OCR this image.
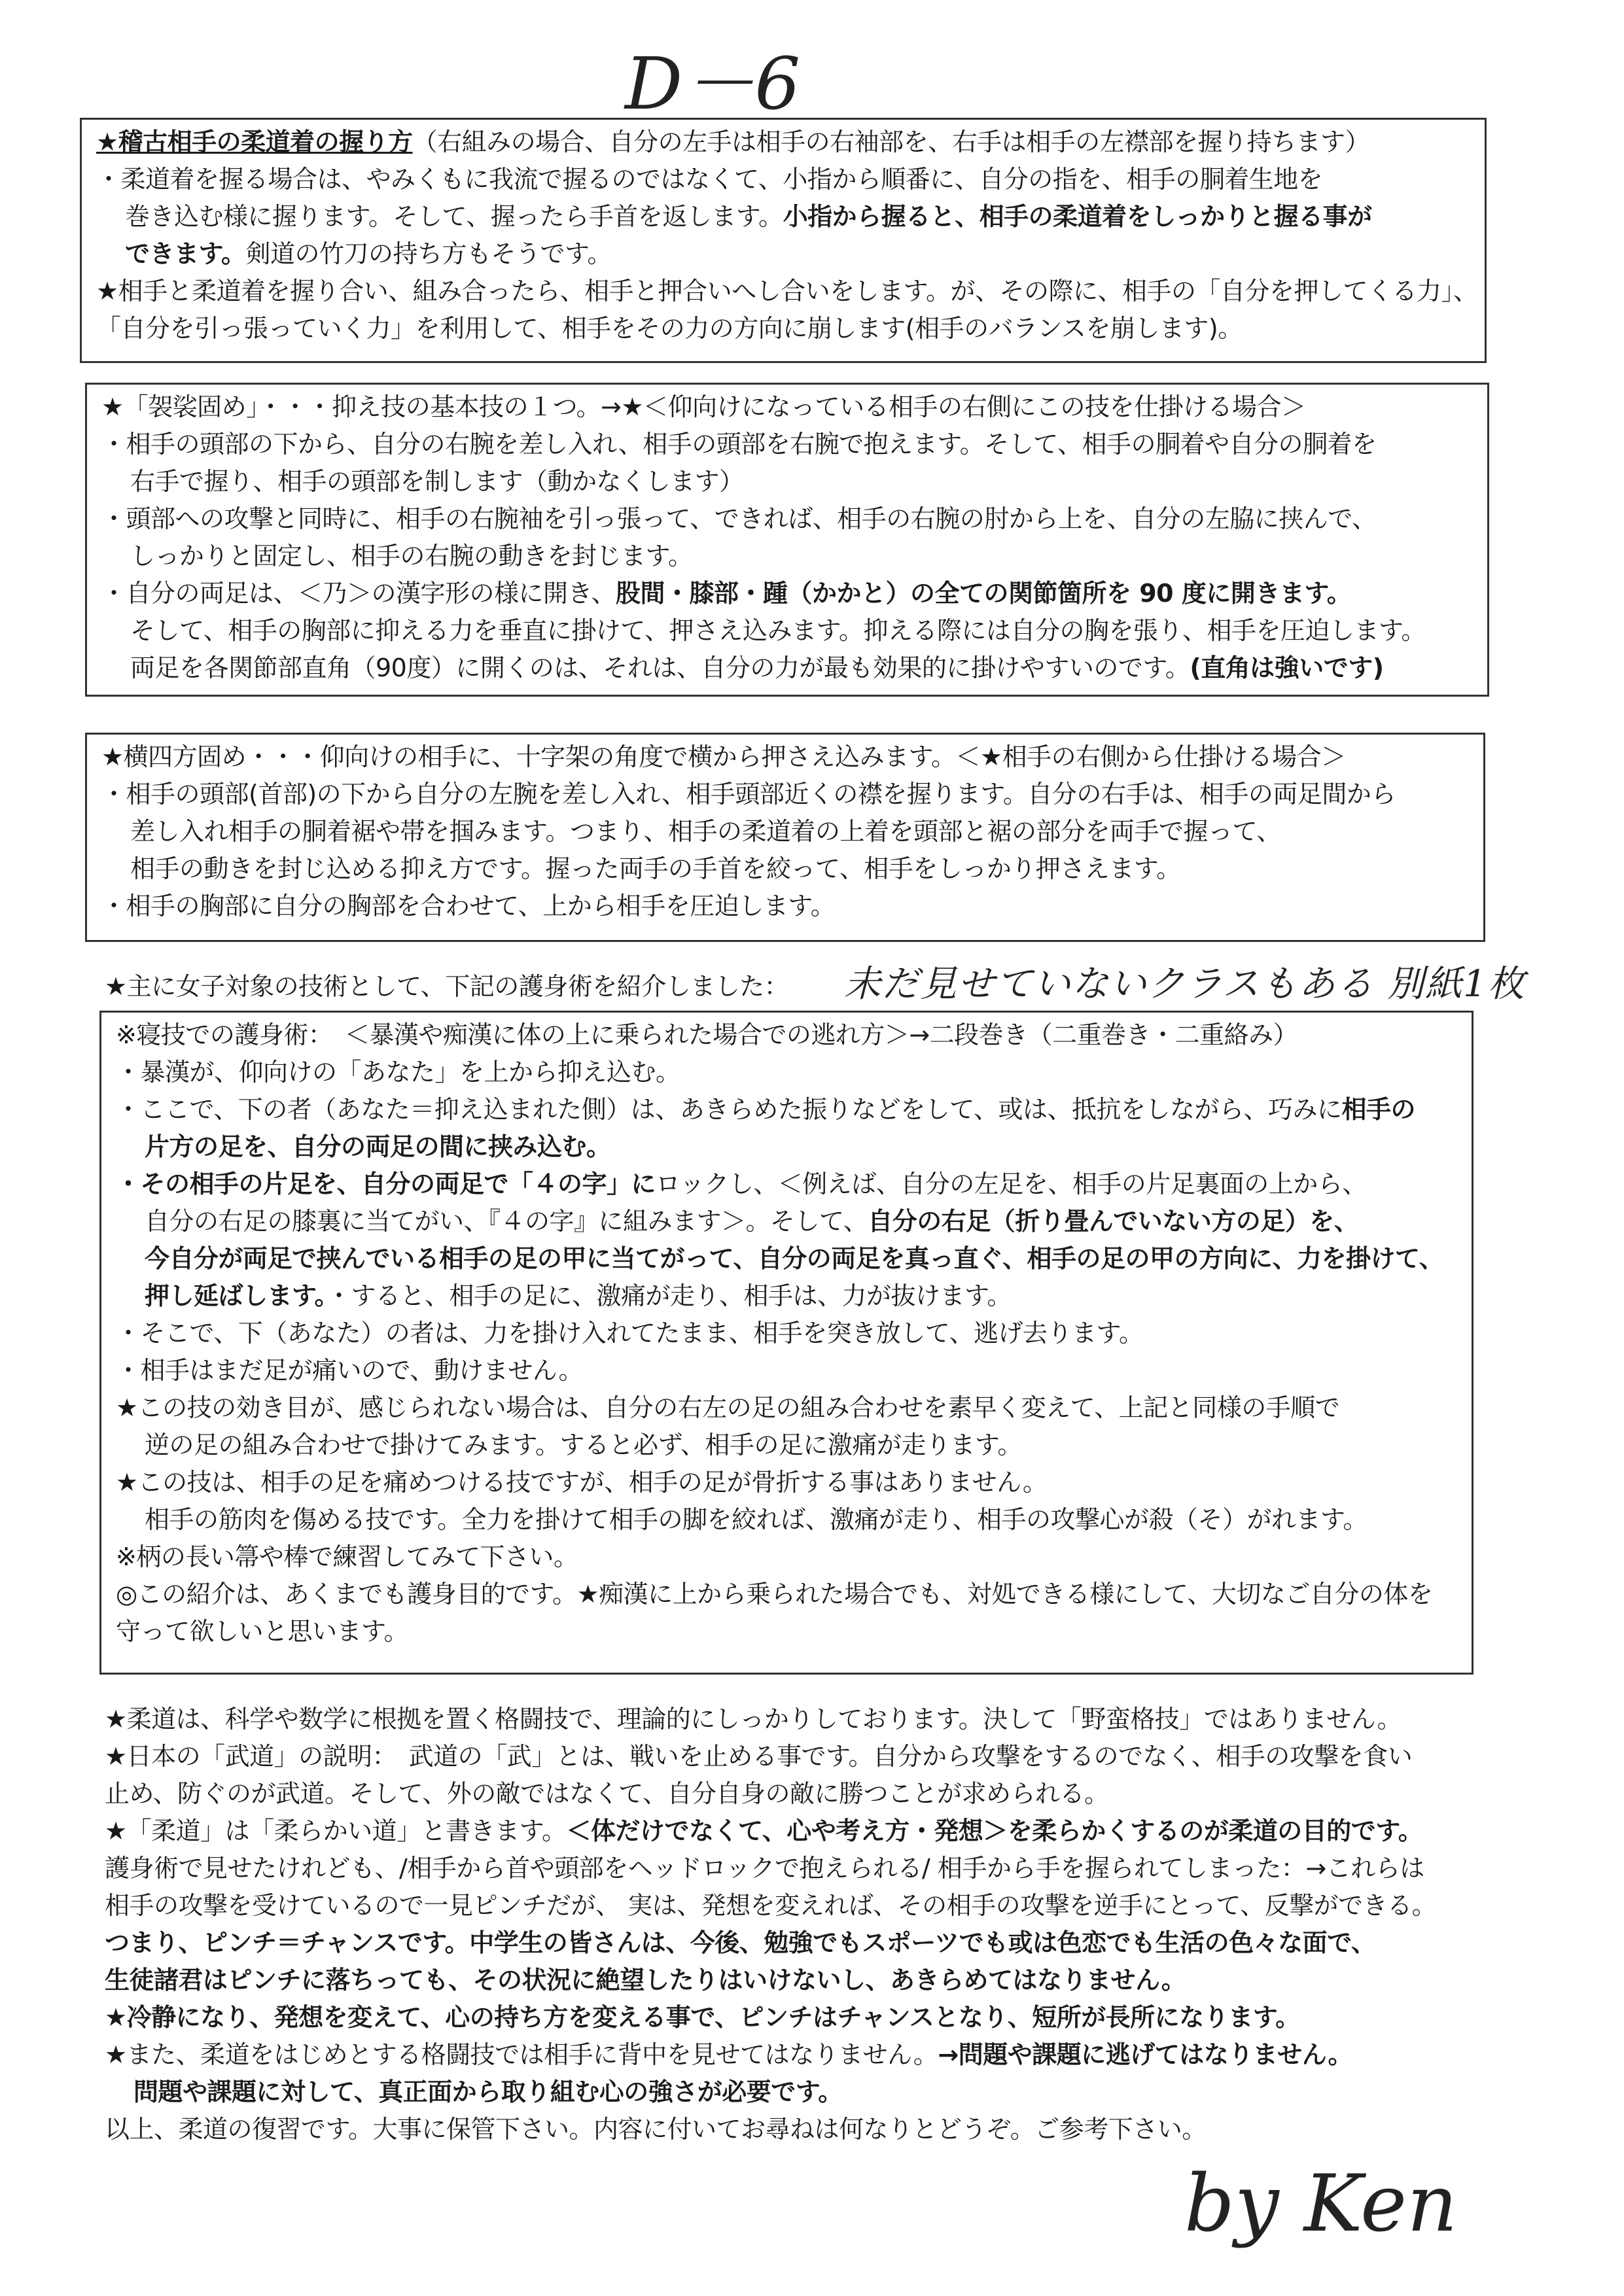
D－6
★稽古相手の柔道着の握り方（右組みの場合、自分の左手は相手の右袖部を、右手は相手の左襟部を握り持ちます）
・柔道着を握る場合は、やみくもに我流で握るのではなくて、小指から順番に、自分の指を、相手の胴着生地を
巻き込む様に握ります。そして、握ったら手首を返します。小指から握ると、相手の柔道着をしっかりと握る事が
できます。剣道の竹刀の持ち方もそうです。
★相手と柔道着を握り合い、組み合ったら、相手と押合いへし合いをします。が、その際に、相手の「自分を押してくる力」、
「自分を引っ張っていく力」を利用して、相手をその力の方向に崩します(相手のバランスを崩します)。
★「袈裟固め」・・・抑え技の基本技の１つ。→★＜仰向けになっている相手の右側にこの技を仕掛ける場合＞
・相手の頭部の下から、自分の右腕を差し入れ、相手の頭部を右腕で抱えます。そして、相手の胴着や自分の胴着を
右手で握り、相手の頭部を制します（動かなくします）
・頭部への攻撃と同時に、相手の右腕袖を引っ張って、できれば、相手の右腕の肘から上を、自分の左脇に挟んで、
しっかりと固定し、相手の右腕の動きを封じます。
・自分の両足は、＜乃＞の漢字形の様に開き、股間・膝部・踵（かかと）の全ての関節箇所を 90 度に開きます。
そして、相手の胸部に抑える力を垂直に掛けて、押さえ込みます。抑える際には自分の胸を張り、相手を圧迫します。
両足を各関節部直角（90度）に開くのは、それは、自分の力が最も効果的に掛けやすいのです。(直角は強いです)
★横四方固め・・・仰向けの相手に、十字架の角度で横から押さえ込みます。＜★相手の右側から仕掛ける場合＞
・相手の頭部(首部)の下から自分の左腕を差し入れ、相手頭部近くの襟を握ります。自分の右手は、相手の両足間から
差し入れ相手の胴着裾や帯を掴みます。つまり、相手の柔道着の上着を頭部と裾の部分を両手で握って、
相手の動きを封じ込める抑え方です。握った両手の手首を絞って、相手をしっかり押さえます。
・相手の胸部に自分の胸部を合わせて、上から相手を圧迫します。
★主に女子対象の技術として、下記の護身術を紹介しました： 未だ見せていないクラスもある 別紙1枚
※寝技での護身術：　＜暴漢や痴漢に体の上に乗られた場合での逃れ方＞→二段巻き（二重巻き・二重絡み）
・暴漢が、仰向けの「あなた」を上から抑え込む。
・ここで、下の者（あなた＝抑え込まれた側）は、あきらめた振りなどをして、或は、抵抗をしながら、巧みに相手の
片方の足を、自分の両足の間に挟み込む。
・その相手の片足を、自分の両足で「４の字」にロックし、＜例えば、自分の左足を、相手の片足裏面の上から、
自分の右足の膝裏に当てがい、『４の字』に組みます＞。そして、自分の右足（折り畳んでいない方の足）を、
今自分が両足で挟んでいる相手の足の甲に当てがって、自分の両足を真っ直ぐ、相手の足の甲の方向に、力を掛けて、
押し延ばします。・すると、相手の足に、激痛が走り、相手は、力が抜けます。
・そこで、下（あなた）の者は、力を掛け入れてたまま、相手を突き放して、逃げ去ります。
・相手はまだ足が痛いので、動けません。
★この技の効き目が、感じられない場合は、自分の右左の足の組み合わせを素早く変えて、上記と同様の手順で
逆の足の組み合わせで掛けてみます。すると必ず、相手の足に激痛が走ります。
★この技は、相手の足を痛めつける技ですが、相手の足が骨折する事はありません。
相手の筋肉を傷める技です。全力を掛けて相手の脚を絞れば、激痛が走り、相手の攻撃心が殺（そ）がれます。
※柄の長い箒や棒で練習してみて下さい。
◎この紹介は、あくまでも護身目的です。★痴漢に上から乗られた場合でも、対処できる様にして、大切なご自分の体を
守って欲しいと思います。
★柔道は、科学や数学に根拠を置く格闘技で、理論的にしっかりしております。決して「野蛮格技」ではありません。
★日本の「武道」の説明：　武道の「武」とは、戦いを止める事です。自分から攻撃をするのでなく、相手の攻撃を食い
止め、防ぐのが武道。そして、外の敵ではなくて、自分自身の敵に勝つことが求められる。
★「柔道」は「柔らかい道」と書きます。＜体だけでなくて、心や考え方・発想＞を柔らかくするのが柔道の目的です。
護身術で見せたけれども、/相手から首や頭部をヘッドロックで抱えられる/ 相手から手を握られてしまった：→これらは
相手の攻撃を受けているので一見ピンチだが、 実は、発想を変えれば、その相手の攻撃を逆手にとって、反撃ができる。
つまり、ピンチ＝チャンスです。中学生の皆さんは、今後、勉強でもスポーツでも或は色恋でも生活の色々な面で、
生徒諸君はピンチに落ちっても、その状況に絶望したりはいけないし、あきらめてはなりません。
★冷静になり、発想を変えて、心の持ち方を変える事で、ピンチはチャンスとなり、短所が長所になります。
★また、柔道をはじめとする格闘技では相手に背中を見せてはなりません。→問題や課題に逃げてはなりません。
問題や課題に対して、真正面から取り組む心の強さが必要です。
以上、柔道の復習です。大事に保管下さい。内容に付いてお尋ねは何なりとどうぞ。ご参考下さい。
by Ken
